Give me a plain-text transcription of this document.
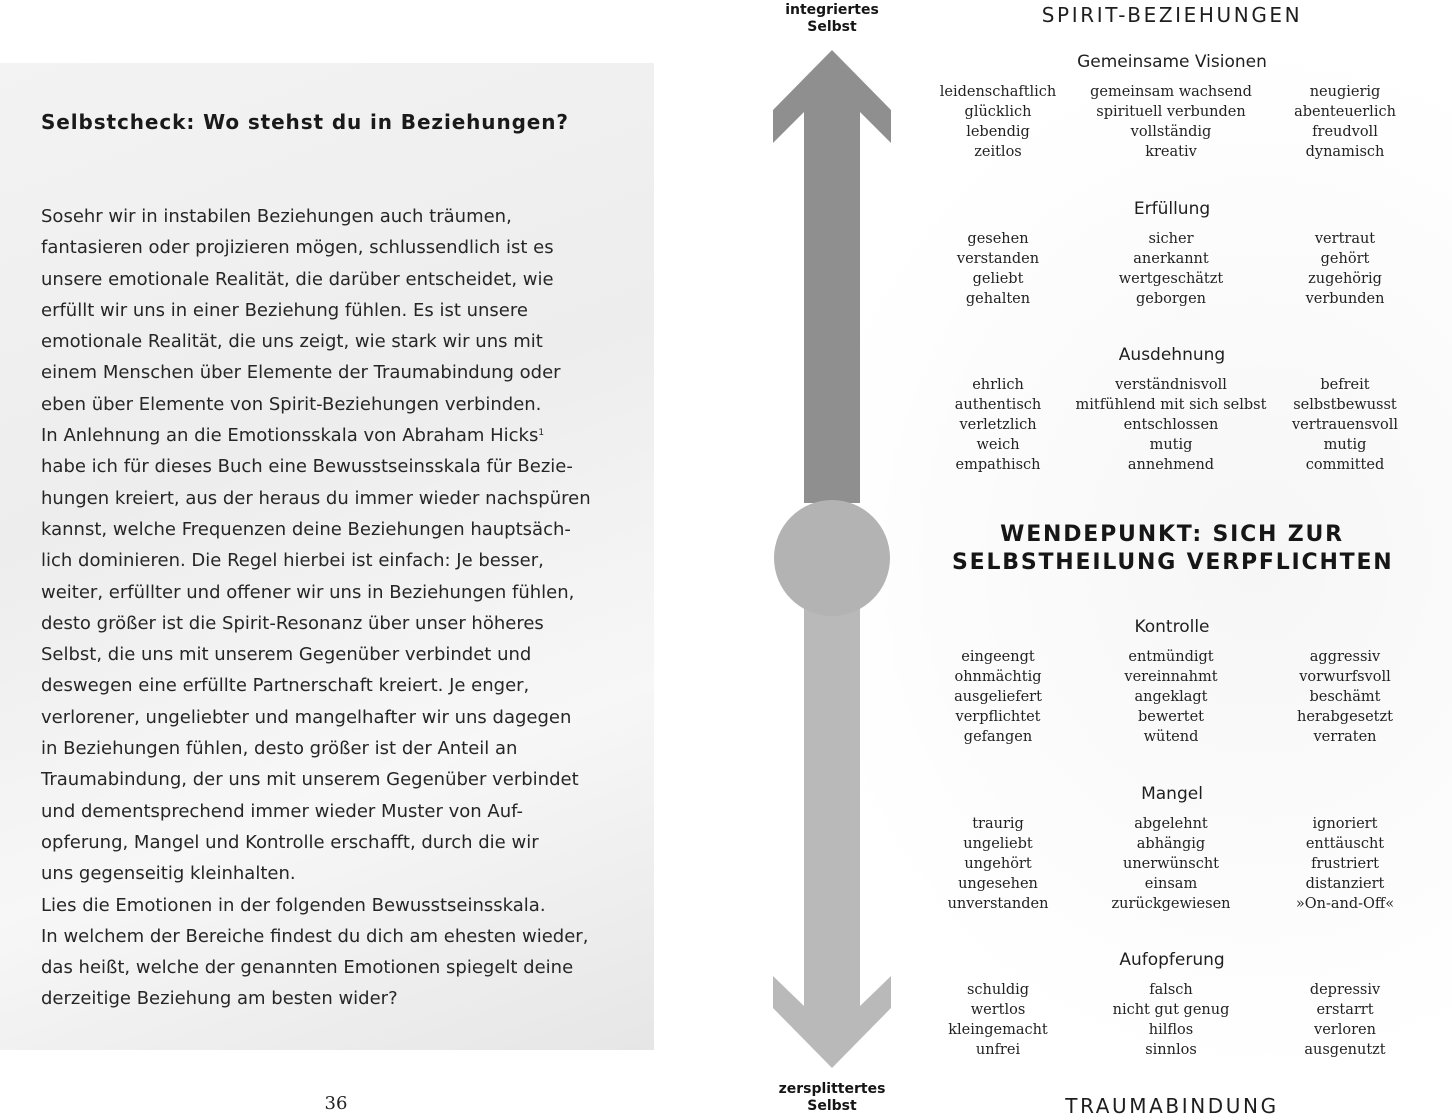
Selbstcheck: Wo stehst du in Beziehungen?
Sosehr wir in instabilen Beziehungen auch träumen,
fantasieren oder projizieren mögen, schlussendlich ist es
unsere emotionale Realität, die darüber entscheidet, wie
erfüllt wir uns in einer Beziehung fühlen. Es ist unsere
emotionale Realität, die uns zeigt, wie stark wir uns mit
einem Menschen über Elemente der Traumabindung oder
eben über Elemente von Spirit-Beziehungen verbinden.
In Anlehnung an die Emotionsskala von Abraham Hicks$^1$
habe ich für dieses Buch eine Bewusstseinsskala für Bezie-
hungen kreiert, aus der heraus du immer wieder nachspüren
kannst, welche Frequenzen deine Beziehungen hauptsäch-
lich dominieren. Die Regel hierbei ist einfach: Je besser,
weiter, erfüllter und offener wir uns in Beziehungen fühlen,
desto größer ist die Spirit-Resonanz über unser höheres
Selbst, die uns mit unserem Gegenüber verbindet und
deswegen eine erfüllte Partnerschaft kreiert. Je enger,
verlorener, ungeliebter und mangelhafter wir uns dagegen
in Beziehungen fühlen, desto größer ist der Anteil an
Traumabindung, der uns mit unserem Gegenüber verbindet
und dementsprechend immer wieder Muster von Auf-
opferung, Mangel und Kontrolle erschafft, durch die wir
uns gegenseitig kleinhalten.
Lies die Emotionen in der folgenden Bewusstseinsskala.
In welchem der Bereiche findest du dich am ehesten wieder,
das heißt, welche der genannten Emotionen spiegelt deine
derzeitige Beziehung am besten wider?
36
integriertes
Selbst
zersplittertes
Selbst
SPIRIT-BEZIEHUNGEN
TRAUMABINDUNG
WENDEPUNKT: SICH ZUR
SELBSTHEILUNG VERPFLICHTEN
Gemeinsame Visionen
leidenschaftlich
glücklich
lebendig
zeitlos
gemeinsam wachsend
spirituell verbunden
vollständig
kreativ
neugierig
abenteuerlich
freudvoll
dynamisch
Erfüllung
gesehen
verstanden
geliebt
gehalten
sicher
anerkannt
wertgeschätzt
geborgen
vertraut
gehört
zugehörig
verbunden
Ausdehnung
ehrlich
authentisch
verletzlich
weich
empathisch
verständnisvoll
mitfühlend mit sich selbst
entschlossen
mutig
annehmend
befreit
selbstbewusst
vertrauensvoll
mutig
committed
Kontrolle
eingeengt
ohnmächtig
ausgeliefert
verpflichtet
gefangen
entmündigt
vereinnahmt
angeklagt
bewertet
wütend
aggressiv
vorwurfsvoll
beschämt
herabgesetzt
verraten
Mangel
traurig
ungeliebt
ungehört
ungesehen
unverstanden
abgelehnt
abhängig
unerwünscht
einsam
zurückgewiesen
ignoriert
enttäuscht
frustriert
distanziert
»On-and-Off«
Aufopferung
schuldig
wertlos
kleingemacht
unfrei
falsch
nicht gut genug
hilflos
sinnlos
depressiv
erstarrt
verloren
ausgenutzt
